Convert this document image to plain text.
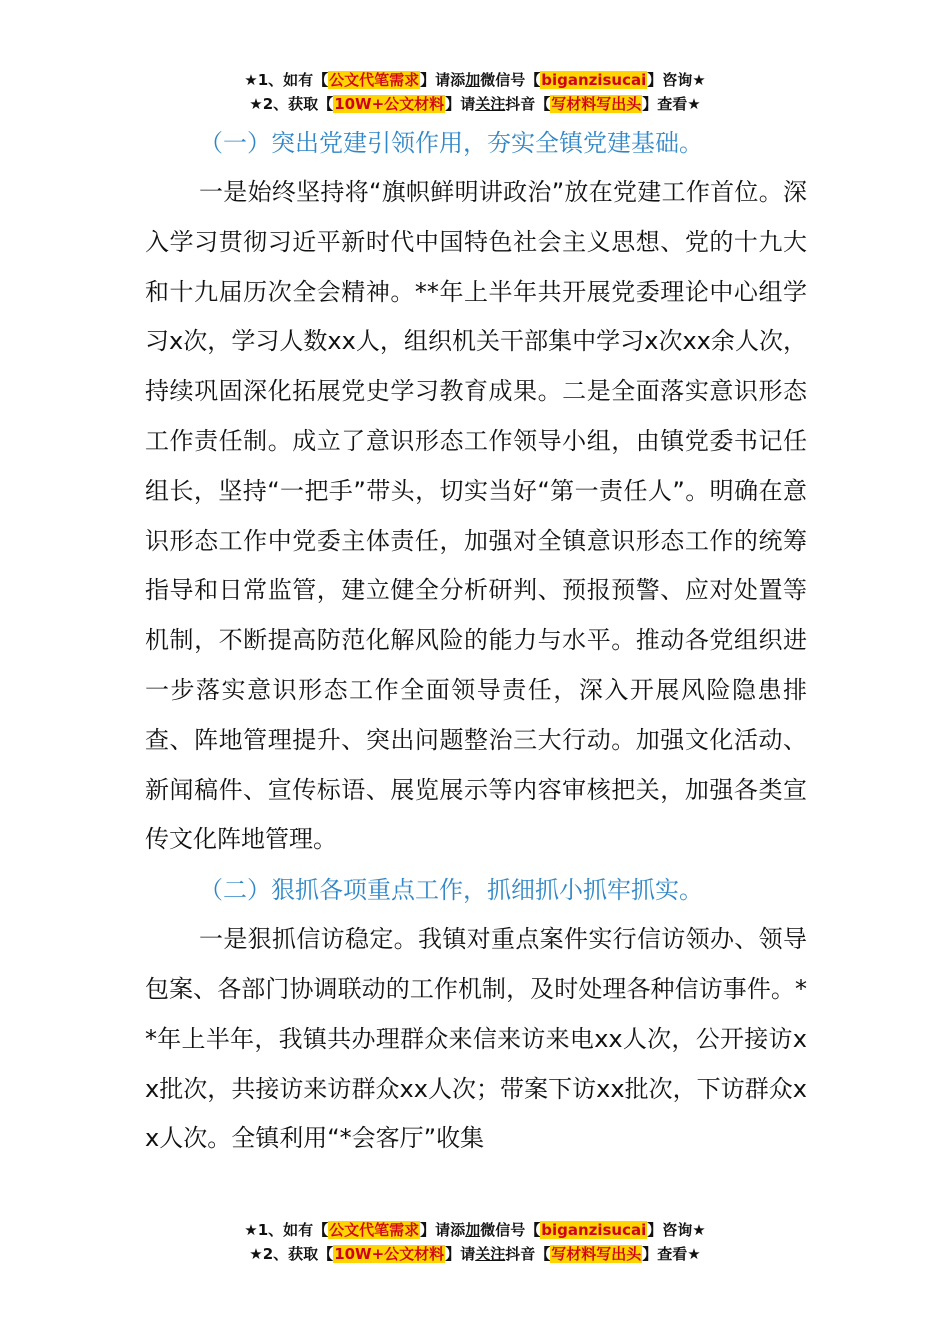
★1、如有【公文代笔需求】请添加微信号【biganzisucai】咨询★
★2、获取【10W+公文材料】请关注抖音【写材料写出头】查看★

（一）突出党建引领作用，夯实全镇党建基础。

一是始终坚持将“旗帜鲜明讲政治”放在党建工作首位。深入学习贯彻习近平新时代中国特色社会主义思想、党的十九大和十九届历次全会精神。**年上半年共开展党委理论中心组学习x次，学习人数xx人，组织机关干部集中学习x次xx余人次，持续巩固深化拓展党史学习教育成果。二是全面落实意识形态工作责任制。成立了意识形态工作领导小组，由镇党委书记任组长，坚持“一把手”带头，切实当好“第一责任人”。明确在意识形态工作中党委主体责任，加强对全镇意识形态工作的统筹指导和日常监管，建立健全分析研判、预报预警、应对处置等机制，不断提高防范化解风险的能力与水平。推动各党组织进一步落实意识形态工作全面领导责任，深入开展风险隐患排查、阵地管理提升、突出问题整治三大行动。加强文化活动、新闻稿件、宣传标语、展览展示等内容审核把关，加强各类宣传文化阵地管理。

（二）狠抓各项重点工作，抓细抓小抓牢抓实。

一是狠抓信访稳定。我镇对重点案件实行信访领办、领导包案、各部门协调联动的工作机制，及时处理各种信访事件。**年上半年，我镇共办理群众来信来访来电xx人次，公开接访xx批次，共接访来访群众xx人次；带案下访xx批次，下访群众xx人次。全镇利用“*会客厅”收集

★1、如有【公文代笔需求】请添加微信号【biganzisucai】咨询★
★2、获取【10W+公文材料】请关注抖音【写材料写出头】查看★
